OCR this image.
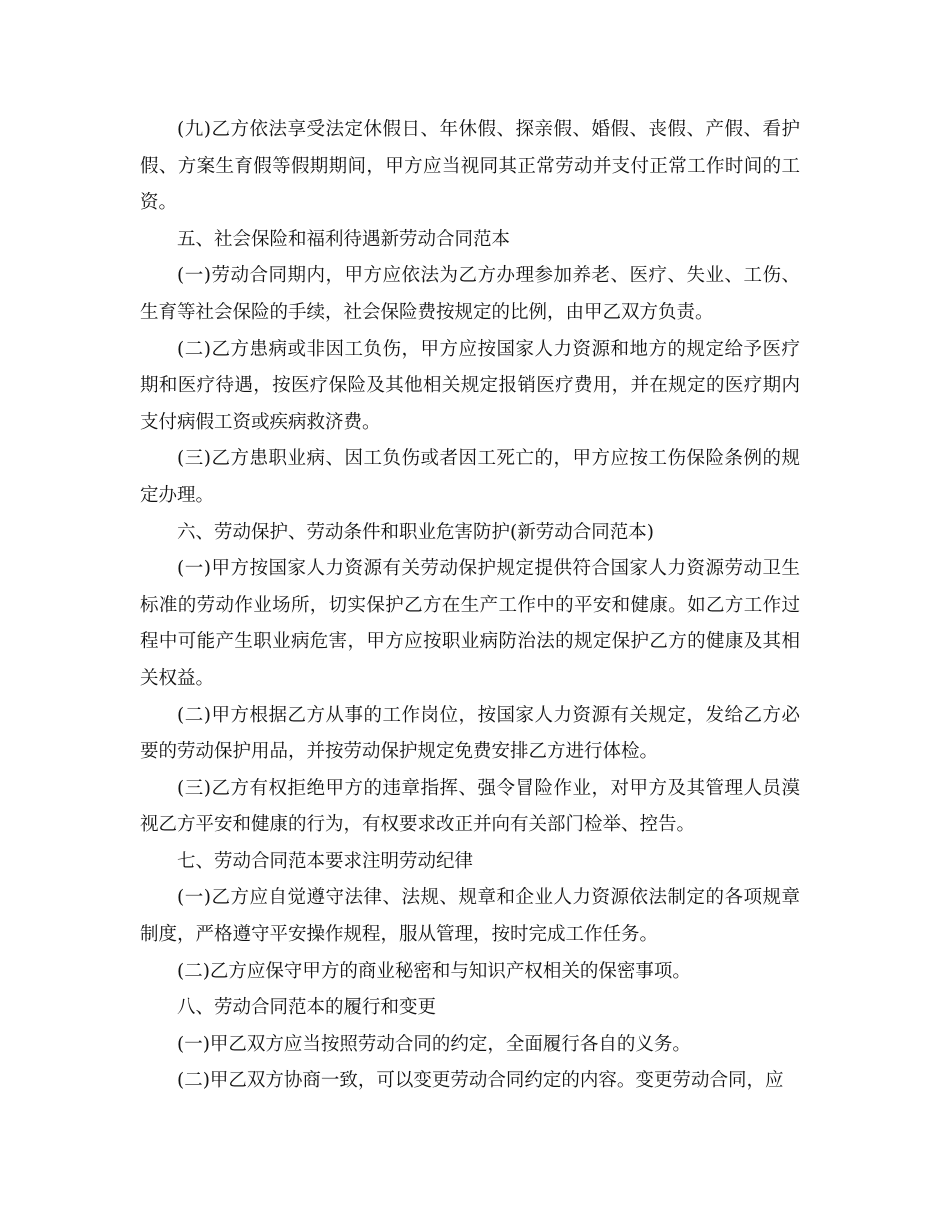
(九)乙方依法享受法定休假日、年休假、探亲假、婚假、丧假、产假、看护假、方案生育假等假期期间，甲方应当视同其正常劳动并支付正常工作时间的工资。

五、社会保险和福利待遇新劳动合同范本

(一)劳动合同期内，甲方应依法为乙方办理参加养老、医疗、失业、工伤、生育等社会保险的手续，社会保险费按规定的比例，由甲乙双方负责。

(二)乙方患病或非因工负伤，甲方应按国家人力资源和地方的规定给予医疗期和医疗待遇，按医疗保险及其他相关规定报销医疗费用，并在规定的医疗期内支付病假工资或疾病救济费。

(三)乙方患职业病、因工负伤或者因工死亡的，甲方应按工伤保险条例的规定办理。

六、劳动保护、劳动条件和职业危害防护(新劳动合同范本)

(一)甲方按国家人力资源有关劳动保护规定提供符合国家人力资源劳动卫生标准的劳动作业场所，切实保护乙方在生产工作中的平安和健康。如乙方工作过程中可能产生职业病危害，甲方应按职业病防治法的规定保护乙方的健康及其相关权益。

(二)甲方根据乙方从事的工作岗位，按国家人力资源有关规定，发给乙方必要的劳动保护用品，并按劳动保护规定免费安排乙方进行体检。

(三)乙方有权拒绝甲方的违章指挥、强令冒险作业，对甲方及其管理人员漠视乙方平安和健康的行为，有权要求改正并向有关部门检举、控告。

七、劳动合同范本要求注明劳动纪律

(一)乙方应自觉遵守法律、法规、规章和企业人力资源依法制定的各项规章制度，严格遵守平安操作规程，服从管理，按时完成工作任务。

(二)乙方应保守甲方的商业秘密和与知识产权相关的保密事项。

八、劳动合同范本的履行和变更

(一)甲乙双方应当按照劳动合同的约定，全面履行各自的义务。

(二)甲乙双方协商一致，可以变更劳动合同约定的内容。变更劳动合同，应
